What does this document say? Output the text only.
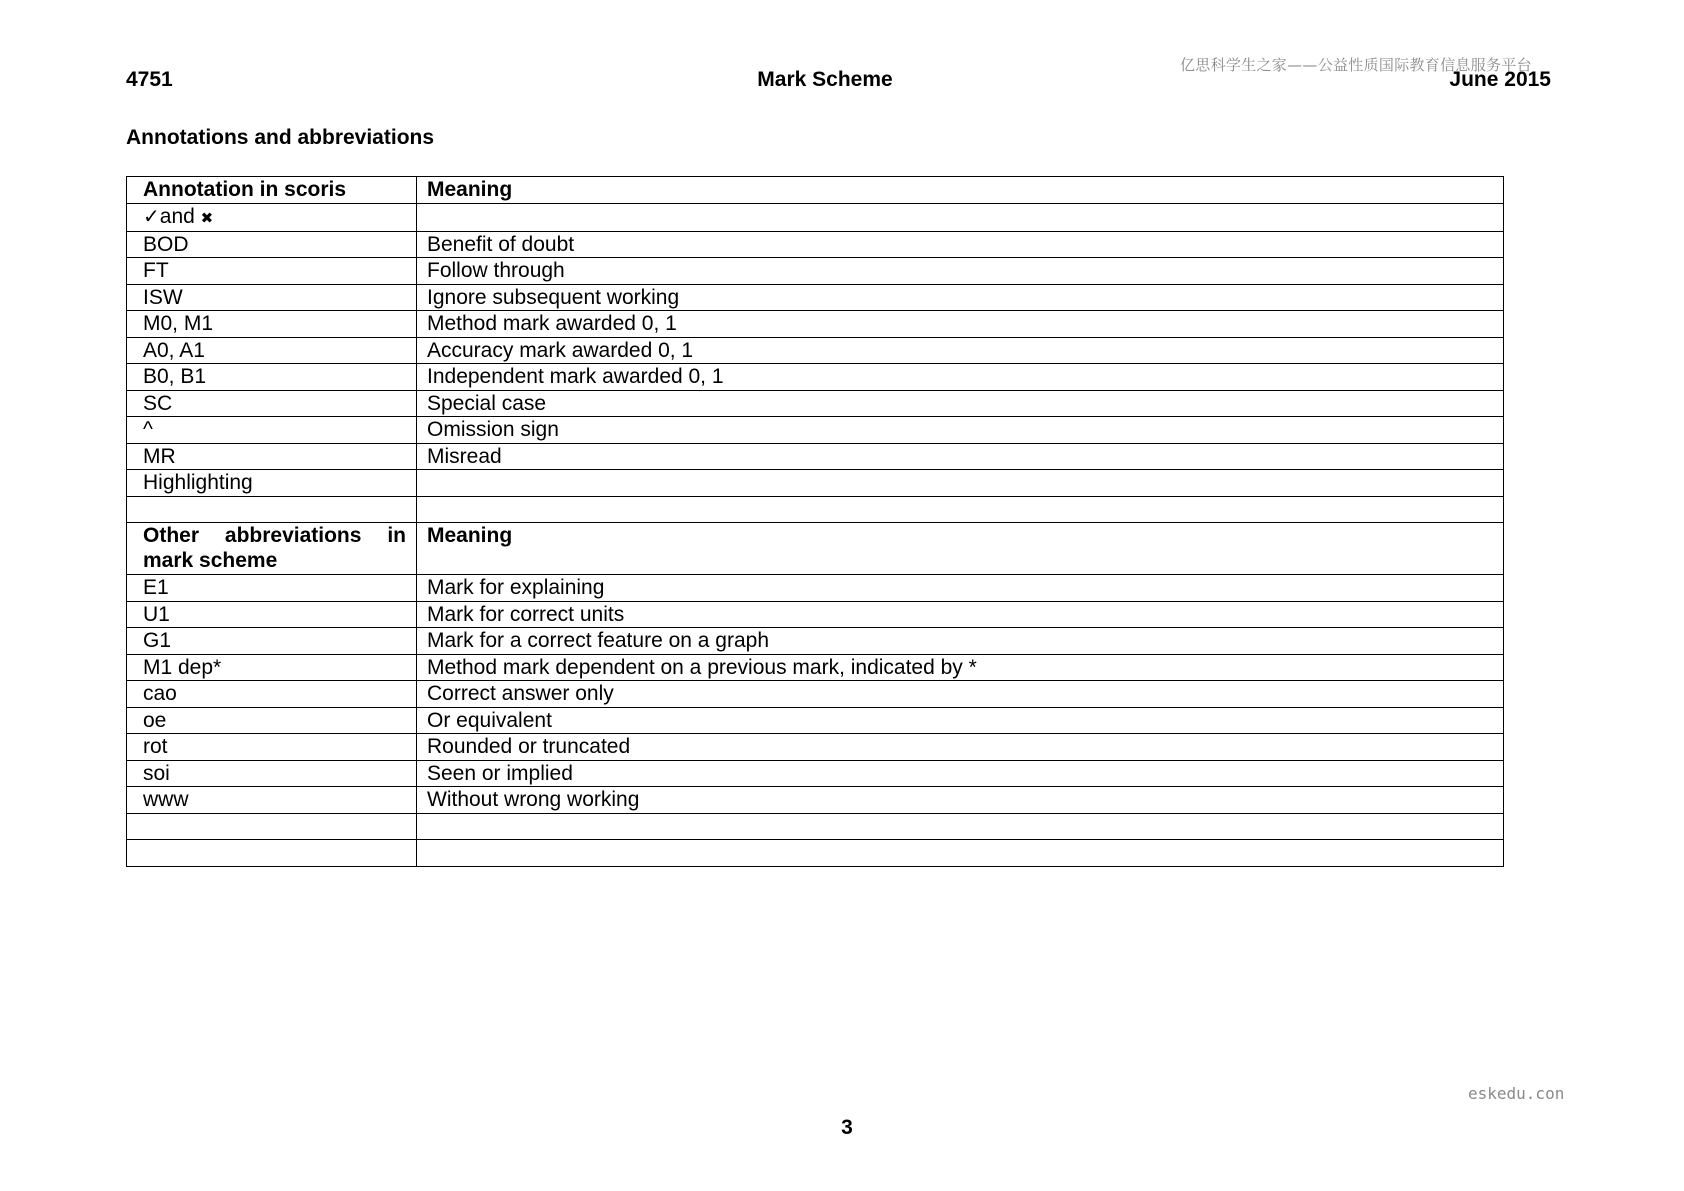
亿思科学生之家——公益性质国际教育信息服务平台
4751	Mark Scheme	June 2015
Annotations and abbreviations
Annotation in scoris	Meaning
✓and ✖	
BOD	Benefit of doubt
FT	Follow through
ISW	Ignore subsequent working
M0, M1	Method mark awarded 0, 1
A0, A1	Accuracy mark awarded 0, 1
B0, B1	Independent mark awarded 0, 1
SC	Special case
^	Omission sign
MR	Misread
Highlighting	

Other abbreviations in
mark scheme	Meaning
E1	Mark for explaining
U1	Mark for correct units
G1	Mark for a correct feature on a graph
M1 dep*	Method mark dependent on a previous mark, indicated by *
cao	Correct answer only
oe	Or equivalent
rot	Rounded or truncated
soi	Seen or implied
www	Without wrong working

eskedu.con
3
